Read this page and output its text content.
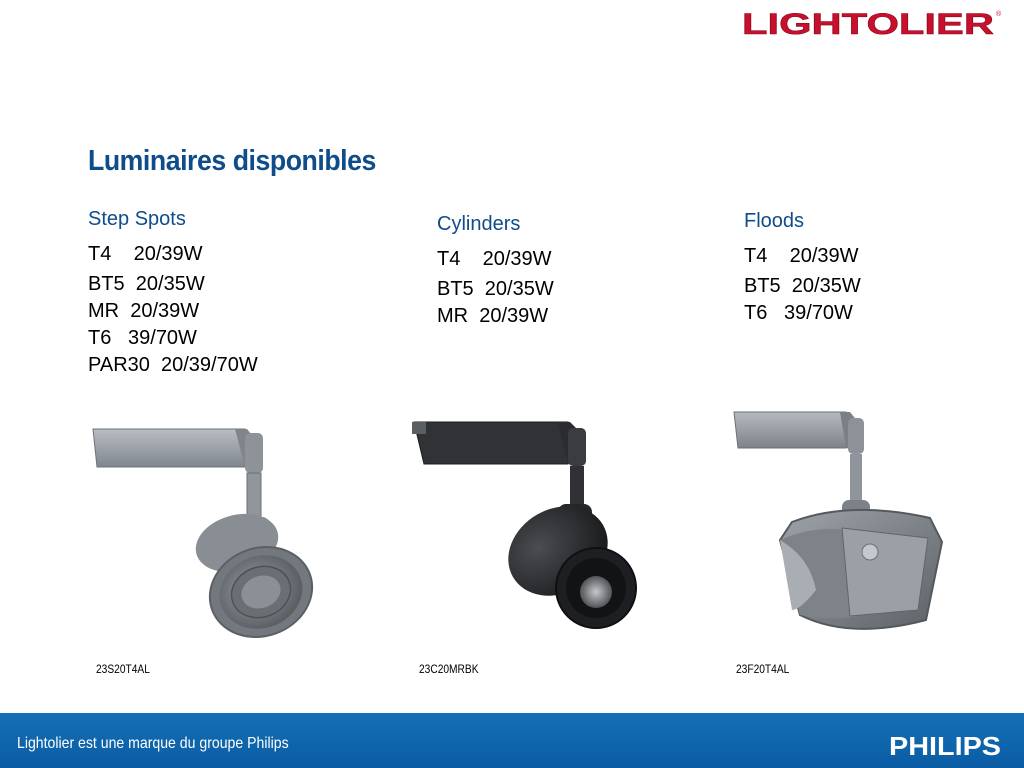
LIGHTOLIER ®
Luminaires disponibles
Step Spots
T4    20/39W
BT5  20/35W
MR  20/39W
T6   39/70W
PAR30  20/39/70W
Cylinders
T4    20/39W
BT5  20/35W
MR  20/39W
Floods
T4    20/39W
BT5  20/35W
T6   39/70W
23S20T4AL	23C20MRBK	23F20T4AL
Lightolier est une marque du groupe Philips	PHILIPS
